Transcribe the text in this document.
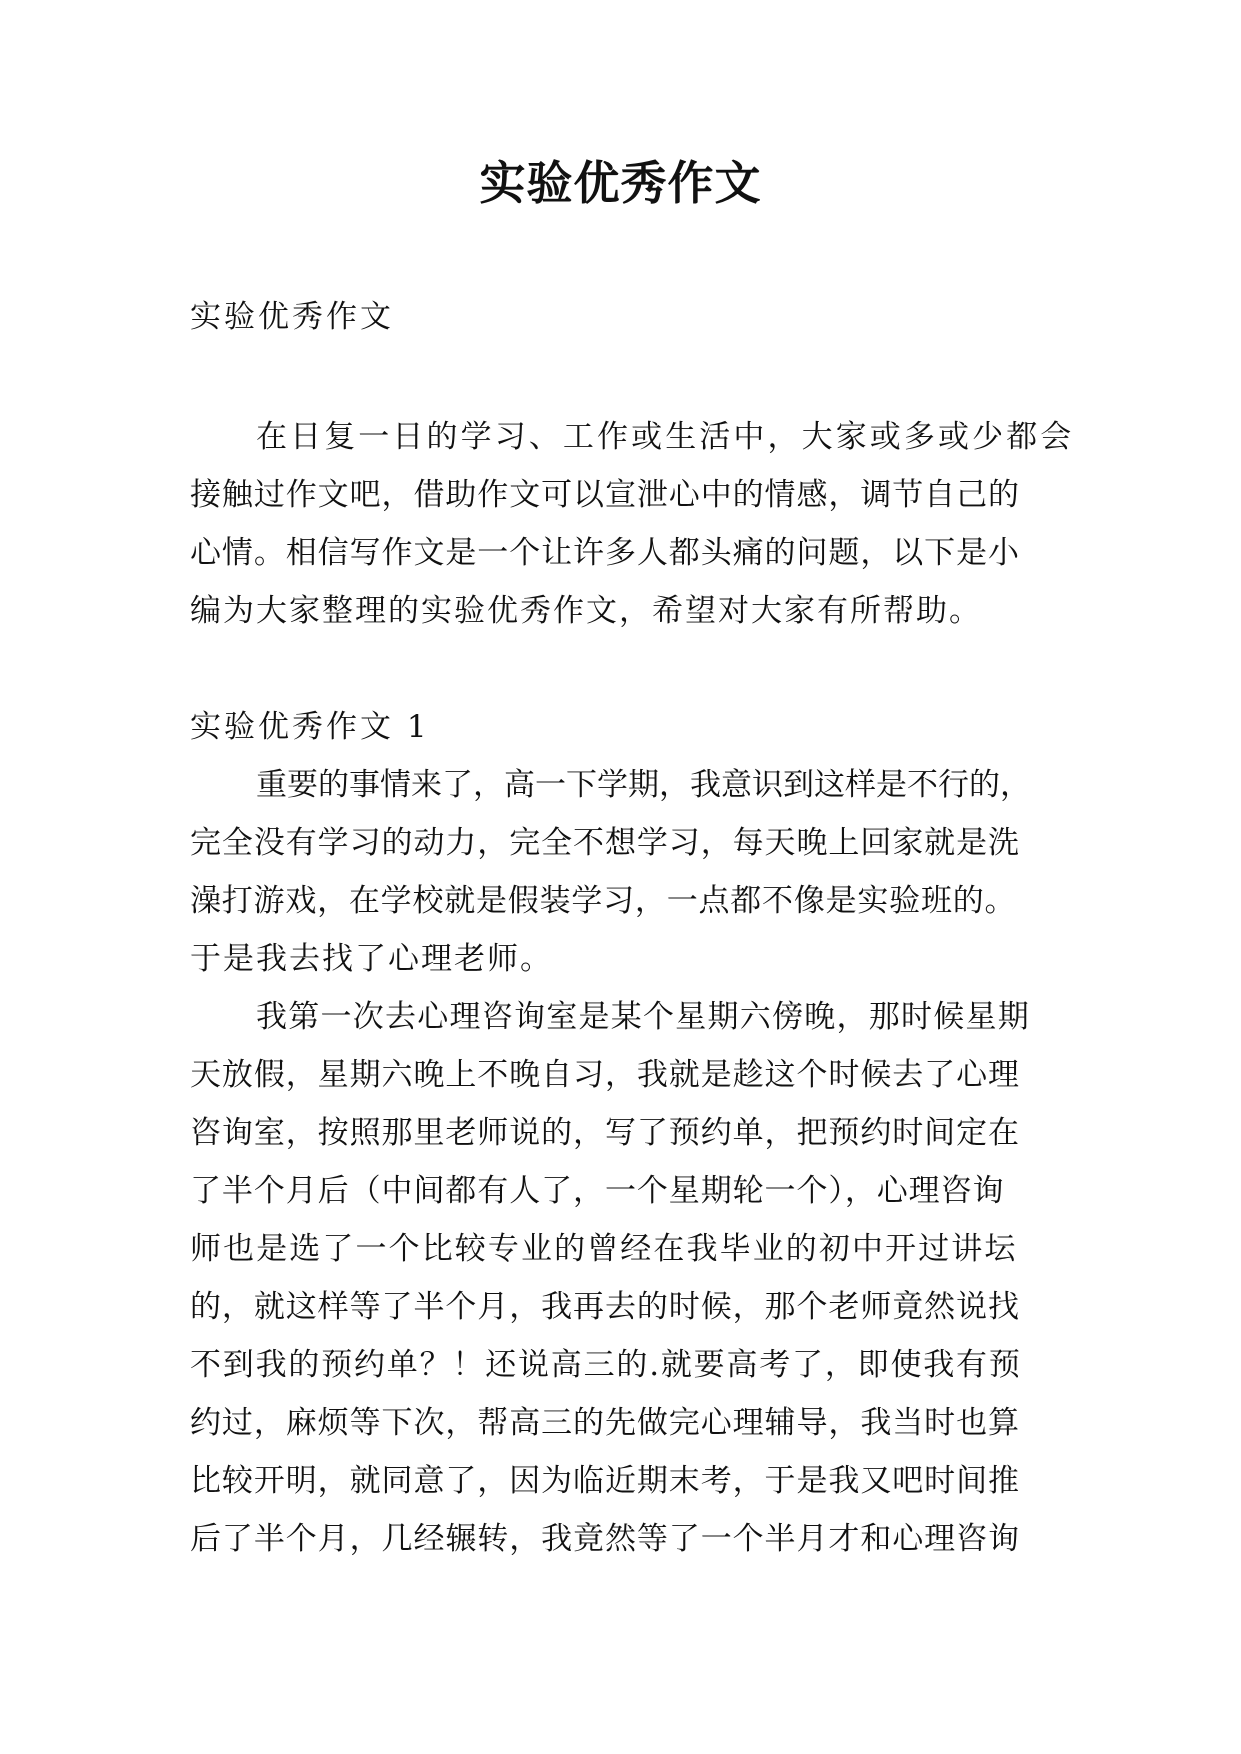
实验优秀作文
实验优秀作文
在日复一日的学习、工作或生活中，大家或多或少都会
接触过作文吧，借助作文可以宣泄心中的情感，调节自己的
心情。相信写作文是一个让许多人都头痛的问题，以下是小
编为大家整理的实验优秀作文，希望对大家有所帮助。
实验优秀作文 1
重要的事情来了，高一下学期，我意识到这样是不行的，
完全没有学习的动力，完全不想学习，每天晚上回家就是洗
澡打游戏，在学校就是假装学习，一点都不像是实验班的。
于是我去找了心理老师。
我第一次去心理咨询室是某个星期六傍晚，那时候星期
天放假，星期六晚上不晚自习，我就是趁这个时候去了心理
咨询室，按照那里老师说的，写了预约单，把预约时间定在
了半个月后（中间都有人了，一个星期轮一个），心理咨询
师也是选了一个比较专业的曾经在我毕业的初中开过讲坛
的，就这样等了半个月，我再去的时候，那个老师竟然说找
不到我的预约单？！还说高三的.就要高考了，即使我有预
约过，麻烦等下次，帮高三的先做完心理辅导，我当时也算
比较开明，就同意了，因为临近期末考，于是我又吧时间推
后了半个月，几经辗转，我竟然等了一个半月才和心理咨询
